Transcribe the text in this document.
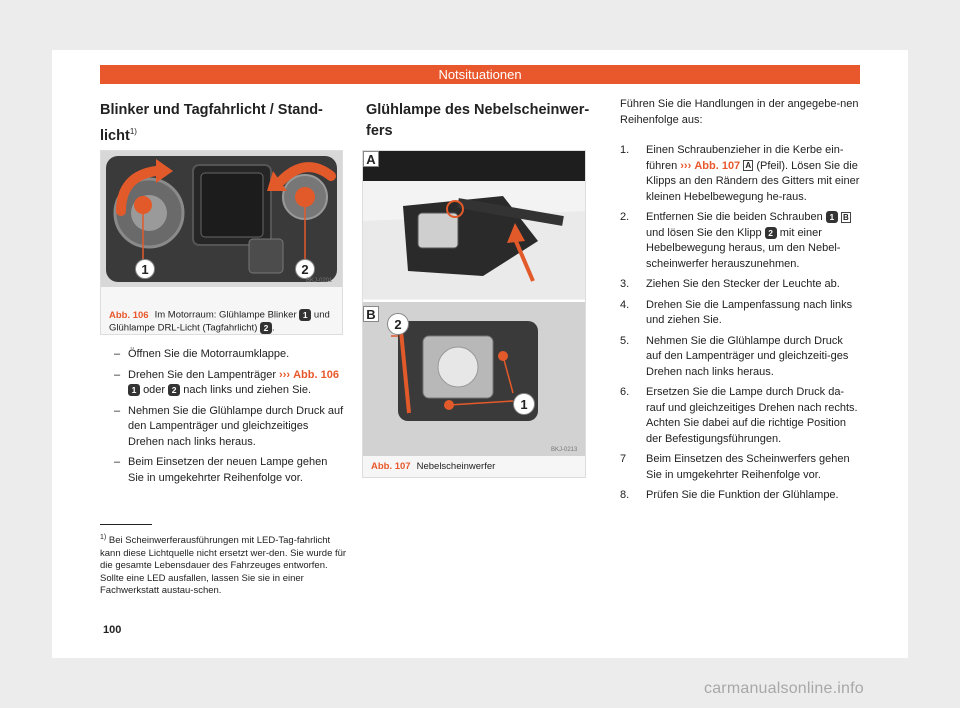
Notsituationen
Blinker und Tagfahrlicht / Stand-licht$^{1)}$
1	2
BKJ-0201
Abb. 106 Im Motorraum: Glühlampe Blinker 1 und Glühlampe DRL-Licht (Tagfahrlicht) 2 .
– Öffnen Sie die Motorraumklappe.
– Drehen Sie den Lampenträger ››› Abb. 106 1 oder 2 nach links und ziehen Sie.
– Nehmen Sie die Glühlampe durch Druck auf den Lampenträger und gleichzeitiges Drehen nach links heraus.
– Beim Einsetzen der neuen Lampe gehen Sie in umgekehrter Reihenfolge vor.
$^{1)}$ Bei Scheinwerferausführungen mit LED-Tag-fahrlicht kann diese Lichtquelle nicht ersetzt wer-den. Sie wurde für die gesamte Lebensdauer des Fahrzeuges entworfen. Sollte eine LED ausfallen, lassen Sie sie in einer Fachwerkstatt austau-schen.
100
Glühlampe des Nebelscheinwer-fers
A
B
2
1
BKJ-0213
Abb. 107 Nebelscheinwerfer
Führen Sie die Handlungen in der angegebe-nen Reihenfolge aus:
1. Einen Schraubenzieher in die Kerbe ein-führen ››› Abb. 107 A (Pfeil). Lösen Sie die Klipps an den Rändern des Gitters mit einer kleinen Hebelbewegung he-raus.
2. Entfernen Sie die beiden Schrauben 1 B und lösen Sie den Klipp 2 mit einer Hebelbewegung heraus, um den Nebel-scheinwerfer herauszunehmen.
3. Ziehen Sie den Stecker der Leuchte ab.
4. Drehen Sie die Lampenfassung nach links und ziehen Sie.
5. Nehmen Sie die Glühlampe durch Druck auf den Lampenträger und gleichzeiti-ges Drehen nach links heraus.
6. Ersetzen Sie die Lampe durch Druck da-rauf und gleichzeitiges Drehen nach rechts. Achten Sie dabei auf die richtige Position der Befestigungsführungen.
7 Beim Einsetzen des Scheinwerfers gehen Sie in umgekehrter Reihenfolge vor.
8. Prüfen Sie die Funktion der Glühlampe.
carmanualsonline.info
